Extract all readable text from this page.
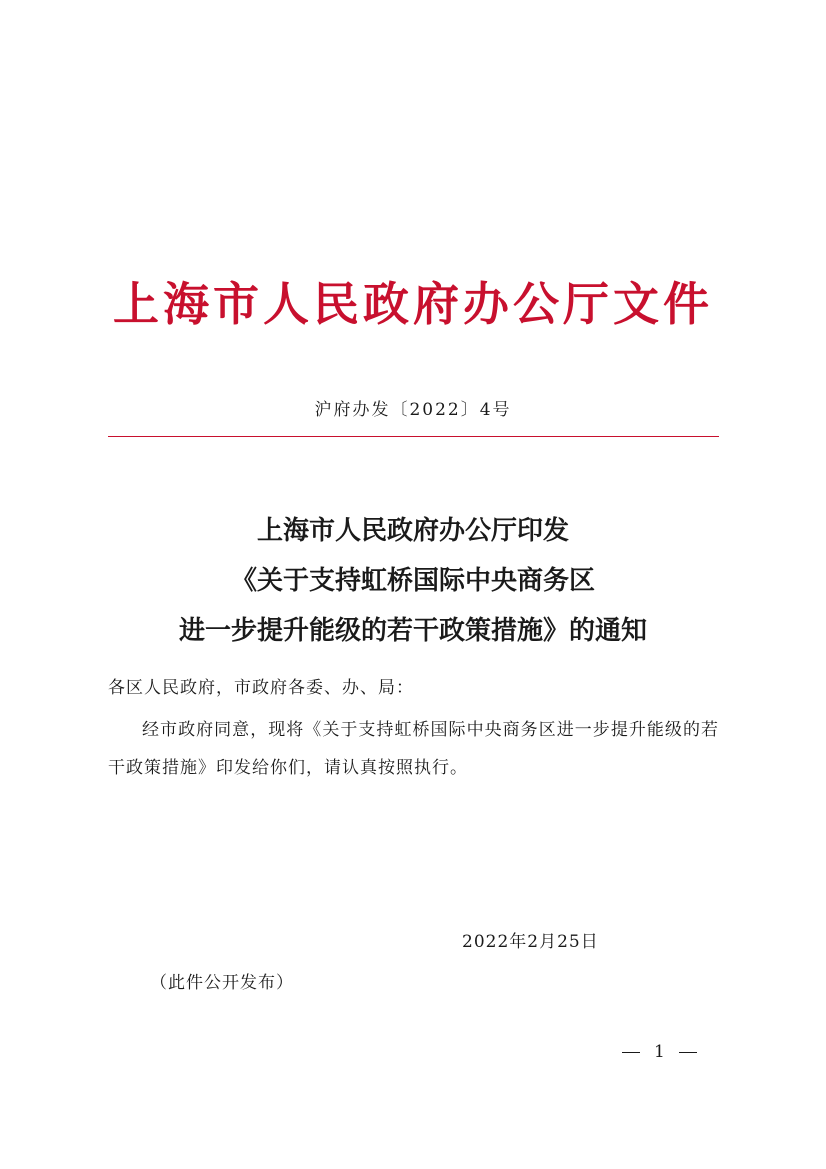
上海市人民政府办公厅文件
沪府办发〔2022〕4号
上海市人民政府办公厅印发
《关于支持虹桥国际中央商务区
进一步提升能级的若干政策措施》的通知
各区人民政府，市政府各委、办、局：
经市政府同意，现将《关于支持虹桥国际中央商务区进一步提升能级的若干政策措施》印发给你们，请认真按照执行。
2022年2月25日
（此件公开发布）
1
